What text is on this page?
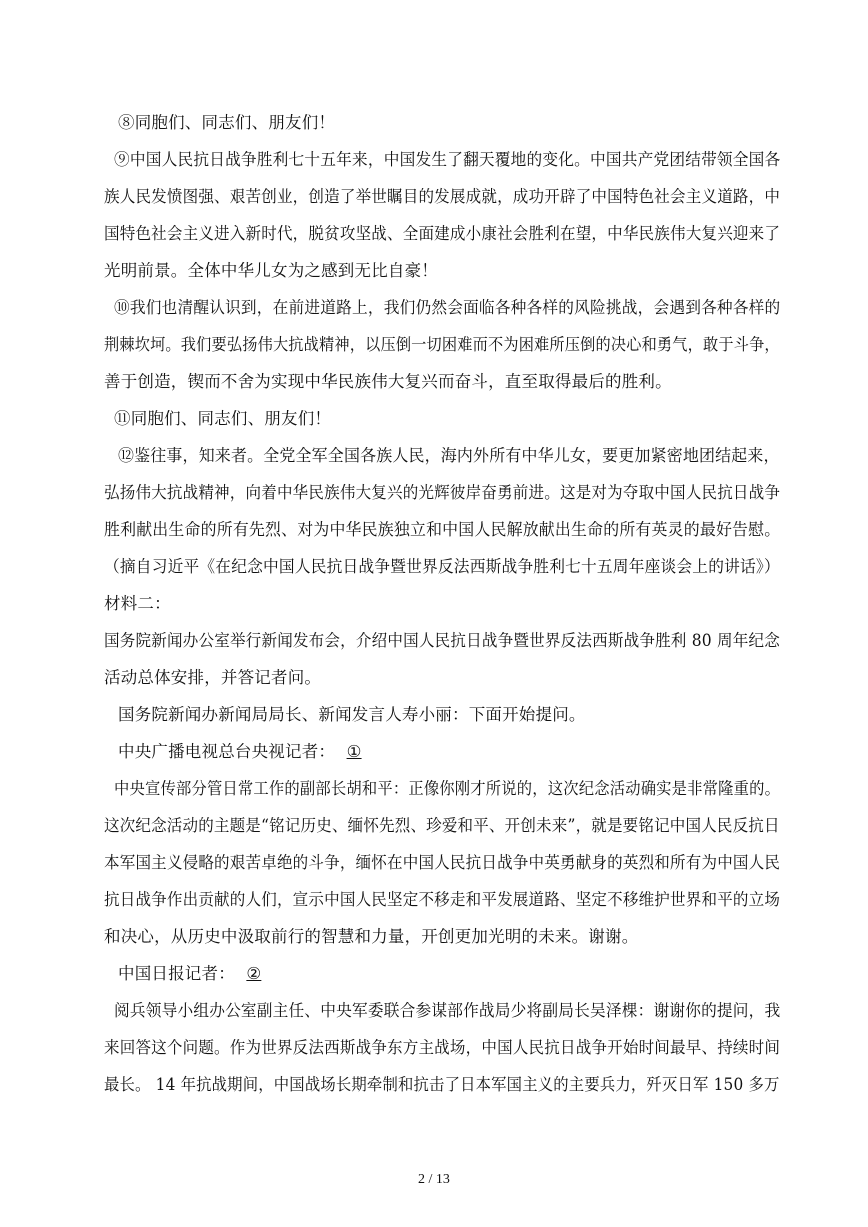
⑧同胞们、同志们、朋友们！
⑨中国人民抗日战争胜利七十五年来，中国发生了翻天覆地的变化。中国共产党团结带领全国各
族人民发愤图强、艰苦创业，创造了举世瞩目的发展成就，成功开辟了中国特色社会主义道路，中
国特色社会主义进入新时代，脱贫攻坚战、全面建成小康社会胜利在望，中华民族伟大复兴迎来了
光明前景。全体中华儿女为之感到无比自豪！
⑩我们也清醒认识到，在前进道路上，我们仍然会面临各种各样的风险挑战，会遇到各种各样的
荆棘坎坷。我们要弘扬伟大抗战精神，以压倒一切困难而不为困难所压倒的决心和勇气，敢于斗争，
善于创造，锲而不舍为实现中华民族伟大复兴而奋斗，直至取得最后的胜利。
⑪同胞们、同志们、朋友们！
⑫鉴往事，知来者。全党全军全国各族人民，海内外所有中华儿女，要更加紧密地团结起来，
弘扬伟大抗战精神，向着中华民族伟大复兴的光辉彼岸奋勇前进。这是对为夺取中国人民抗日战争
胜利献出生命的所有先烈、对为中华民族独立和中国人民解放献出生命的所有英灵的最好告慰。
（摘自习近平《在纪念中国人民抗日战争暨世界反法西斯战争胜利七十五周年座谈会上的讲话》）
材料二：
国务院新闻办公室举行新闻发布会，介绍中国人民抗日战争暨世界反法西斯战争胜利 80 周年纪念
活动总体安排，并答记者问。
国务院新闻办新闻局局长、新闻发言人寿小丽：下面开始提问。
中央广播电视总台央视记者： ①
中央宣传部分管日常工作的副部长胡和平：正像你刚才所说的，这次纪念活动确实是非常隆重的。
这次纪念活动的主题是“铭记历史、缅怀先烈、珍爱和平、开创未来”，就是要铭记中国人民反抗日
本军国主义侵略的艰苦卓绝的斗争，缅怀在中国人民抗日战争中英勇献身的英烈和所有为中国人民
抗日战争作出贡献的人们，宣示中国人民坚定不移走和平发展道路、坚定不移维护世界和平的立场
和决心，从历史中汲取前行的智慧和力量，开创更加光明的未来。谢谢。
中国日报记者： ②
阅兵领导小组办公室副主任、中央军委联合参谋部作战局少将副局长吴泽棵：谢谢你的提问，我
来回答这个问题。作为世界反法西斯战争东方主战场，中国人民抗日战争开始时间最早、持续时间
最长。 14 年抗战期间，中国战场长期牵制和抗击了日本军国主义的主要兵力，歼灭日军 150 多万
2 / 13
